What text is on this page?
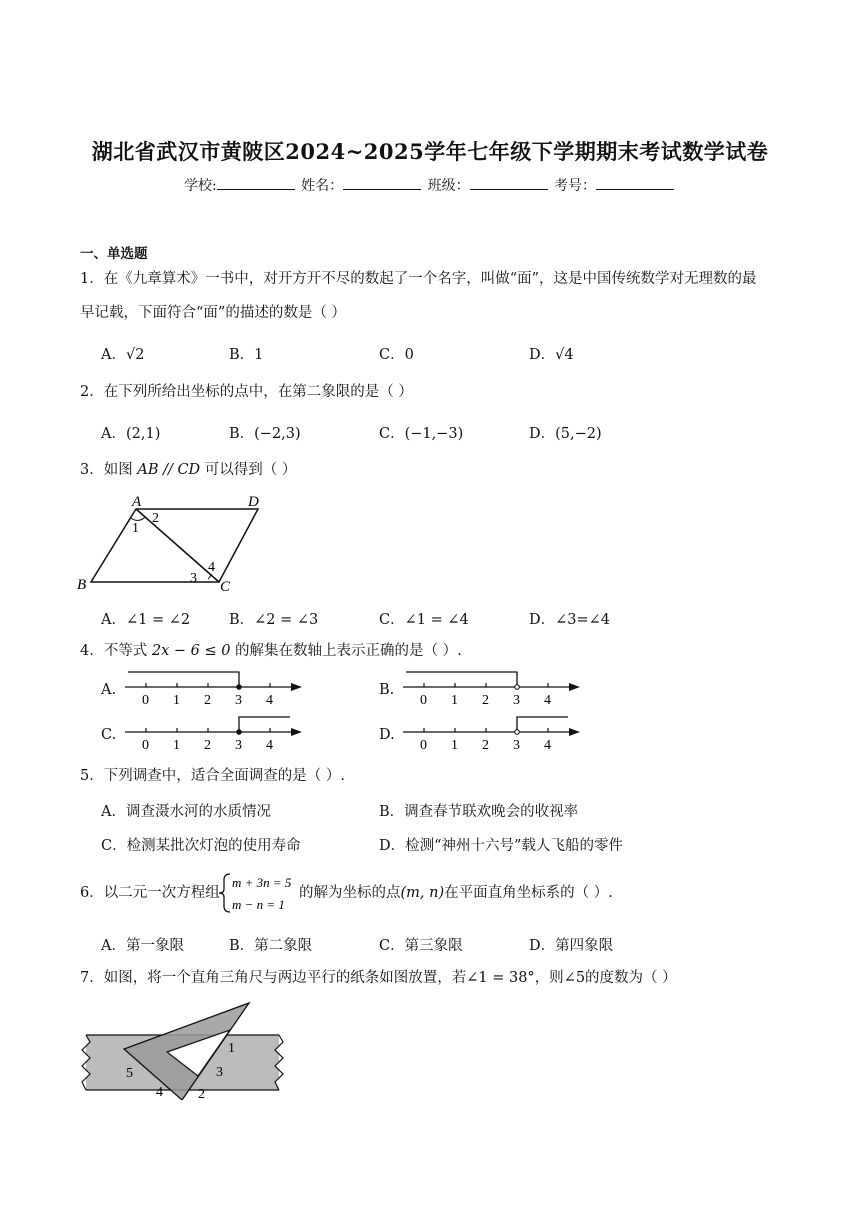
湖北省武汉市黄陂区2024~2025学年七年级下学期期末考试数学试卷
学校:	姓名：	班级：	考号：
一、单选题
1．在《九章算术》一书中，对开方开不尽的数起了一个名字，叫做“面”，这是中国传统数学对无理数的最
早记载，下面符合“面”的描述的数是（ ）
A．√2	B．1	C．0	D．√4
2．在下列所给出坐标的点中，在第二象限的是（ ）
A．(2,1)	B．(−2,3)	C．(−1,−3)	D．(5,−2)
3．如图 AB // CD 可以得到（ ）
A	D
B	C
1
2
3
4
A．∠1 = ∠2	B．∠2 = ∠3	C．∠1 = ∠4	D．∠3=∠4
4．不等式 2x − 6 ≤ 0 的解集在数轴上表示正确的是（ ）.
A.	B.
C.	D.
0 1 2 3 4	0 1 2 3 4
0 1 2 3 4	0 1 2 3 4
5．下列调查中，适合全面调查的是（ ）.
A．调查滠水河的水质情况	B．调查春节联欢晚会的收视率
C．检测某批次灯泡的使用寿命	D．检测“神州十六号”载人飞船的零件
6．以二元一次方程组
m + 3n = 5
m − n = 1
的解为坐标的点(m, n)在平面直角坐标系的（ ）.
A．第一象限	B．第二象限	C．第三象限	D．第四象限
7．如图，将一个直角三角尺与两边平行的纸条如图放置，若∠1 = 38°，则∠5的度数为（ ）
1
2
3
4
5
